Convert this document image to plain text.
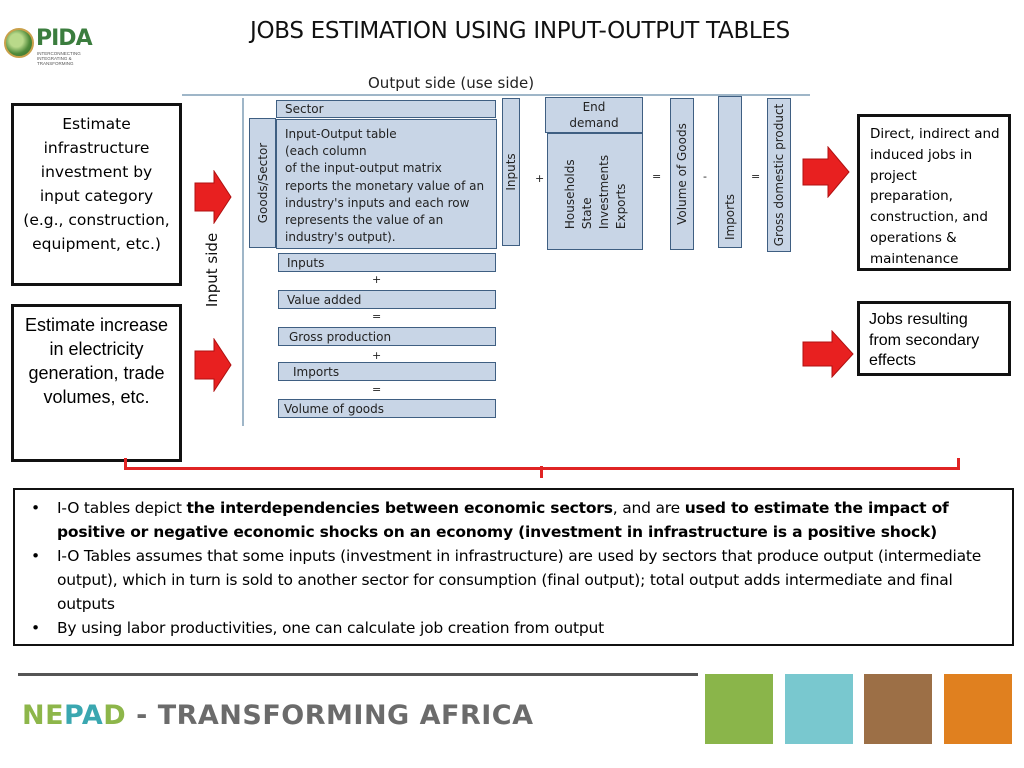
JOBS ESTIMATION USING INPUT-OUTPUT TABLES
PIDA
INTERCONNECTING INTEGRATING & TRANSFORMING
Output side (use side)
Input side
Sector
Goods/Sector
Input-Output table
(each column
of the input-output matrix
reports the monetary value of an
industry's inputs and each row
represents the value of an
industry's output).
Inputs +
End
demand
Households
State
Investments
Exports
= Volume of Goods -
Imports
= Gross domestic product
Inputs
+
Value added
=
Gross production
+
Imports
=
Volume of goods
Estimate infrastructure investment by input category (e.g., construction, equipment, etc.)
Estimate increase in electricity generation, trade volumes, etc.
Direct, indirect and induced jobs in project preparation, construction, and operations & maintenance
Jobs resulting from secondary effects
• I-O tables depict the interdependencies between economic sectors, and are used to estimate the impact of positive or negative economic shocks on an economy (investment in infrastructure is a positive shock)
• I-O Tables assumes that some inputs (investment in infrastructure) are used by sectors that produce output (intermediate output), which in turn is sold to another sector for consumption (final output); total output adds intermediate and final outputs
• By using labor productivities, one can calculate job creation from output
NEPAD - TRANSFORMING AFRICA
